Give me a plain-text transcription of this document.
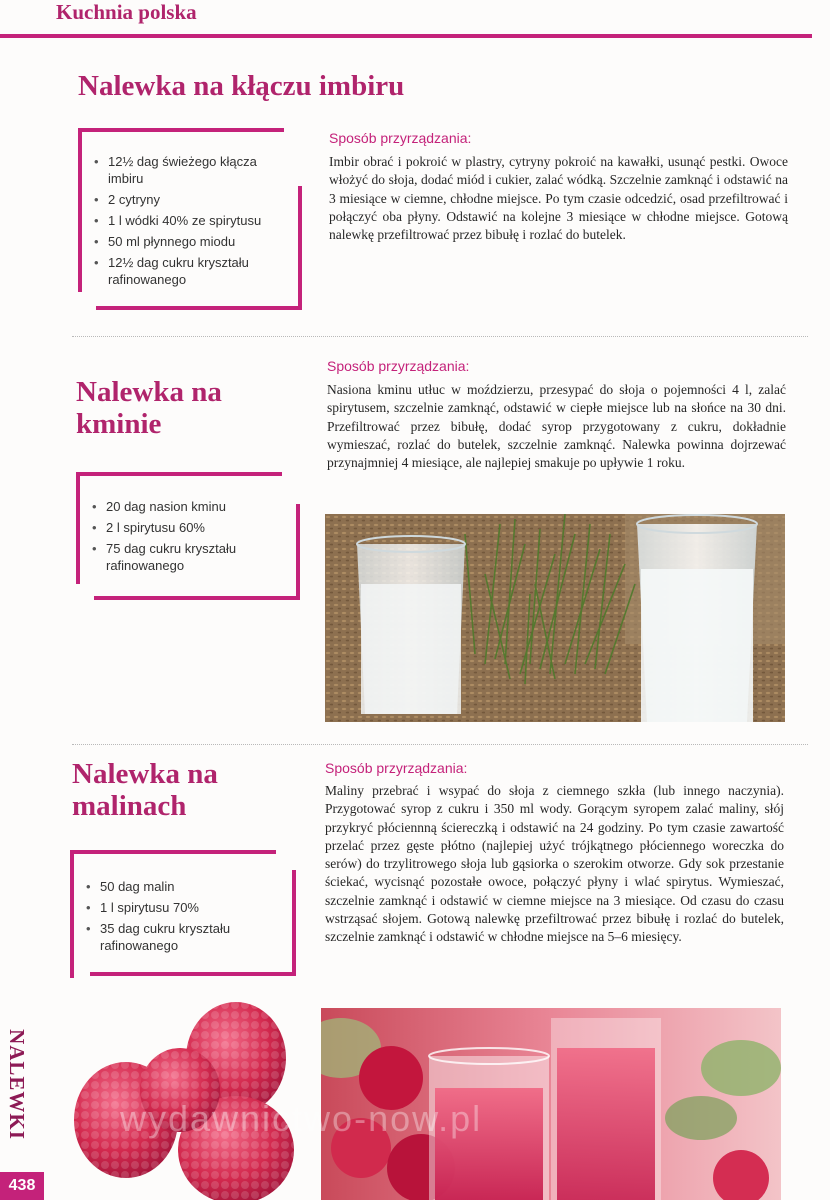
Kuchnia polska
Nalewka na kłączu imbiru
• 12½ dag świeżego kłącza imbiru
• 2 cytryny
• 1 l wódki 40% ze spirytusu
• 50 ml płynnego miodu
• 12½ dag cukru kryształu rafinowanego
Sposób przyrządzania:

Imbir obrać i pokroić w plastry, cytryny pokroić na kawałki, usunąć pestki. Owoce włożyć do słoja, dodać miód i cukier, zalać wódką. Szczelnie zamknąć i odstawić na 3 miesiące w ciemne, chłodne miejsce. Po tym czasie odcedzić, osad przefiltrować i połączyć oba płyny. Odstawić na kolejne 3 miesiące w chłodne miejsce. Gotową nalewkę przefiltrować przez bibułę i rozlać do butelek.

Nalewka na kminie
• 20 dag nasion kminu
• 2 l spirytusu 60%
• 75 dag cukru kryształu rafinowanego
Sposób przyrządzania:

Nasiona kminu utłuc w moździerzu, przesypać do słoja o pojemności 4 l, zalać spirytusem, szczelnie zamknąć, odstawić w ciepłe miejsce lub na słońce na 30 dni. Przefiltrować przez bibułę, dodać syrop przygotowany z cukru, dokładnie wymieszać, rozlać do butelek, szczelnie zamknąć. Nalewka powinna dojrzewać przynajmniej 4 miesiące, ale najlepiej smakuje po upływie 1 roku.

Nalewka na malinach
• 50 dag malin
• 1 l spirytusu 70%
• 35 dag cukru kryształu rafinowanego
Sposób przyrządzania:

Maliny przebrać i wsypać do słoja z ciemnego szkła (lub innego naczynia). Przygotować syrop z cukru i 350 ml wody. Gorącym syropem zalać maliny, słój przykryć płóciennną ściereczką i odstawić na 24 godziny. Po tym czasie zawartość przelać przez gęste płótno (najlepiej użyć trójkątnego płóciennego woreczka do serów) do trzylitrowego słoja lub gąsiorka o szerokim otworze. Gdy sok przestanie ściekać, wycisnąć pozostałe owoce, połączyć płyny i wlać spirytus. Wymieszać, szczelnie zamknąć i odstawić w ciemne miejsce na 3 miesiące. Od czasu do czasu wstrząsać słojem. Gotową nalewkę przefiltrować przez bibułę i rozlać do butelek, szczelnie zamknąć i odstawić w chłodne miejsce na 5–6 miesięcy.

wydawnictwo-now.pl
NALEWKI
438
